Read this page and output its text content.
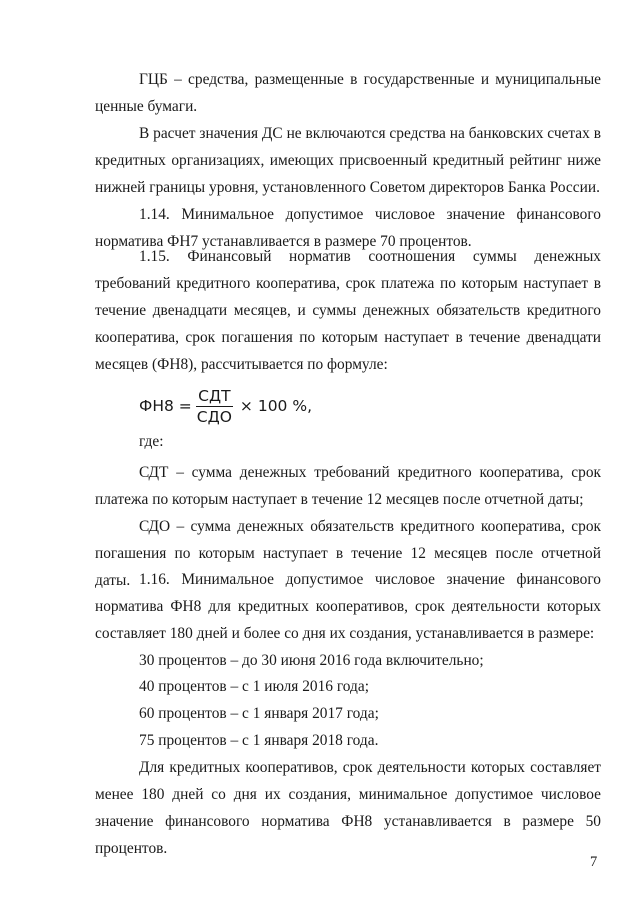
ГЦБ – средства, размещенные в государственные и муниципальные ценные бумаги.
В расчет значения ДС не включаются средства на банковских счетах в кредитных организациях, имеющих присвоенный кредитный рейтинг ниже нижней границы уровня, установленного Советом директоров Банка России.
1.14. Минимальное допустимое числовое значение финансового норматива ФН7 устанавливается в размере 70 процентов.
1.15. Финансовый норматив соотношения суммы денежных требований кредитного кооператива, срок платежа по которым наступает в течение двенадцати месяцев, и суммы денежных обязательств кредитного кооператива, срок погашения по которым наступает в течение двенадцати месяцев (ФН8), рассчитывается по формуле:
$ФН8 = \frac{\text{СДТ}}{\text{СДО}} \times 100$ %,
где:
СДТ – сумма денежных требований кредитного кооператива, срок платежа по которым наступает в течение 12 месяцев после отчетной даты;
СДО – сумма денежных обязательств кредитного кооператива, срок погашения по которым наступает в течение 12 месяцев после отчетной даты. 1.16. Минимальное допустимое числовое значение финансового норматива ФН8 для кредитных кооперативов, срок деятельности которых составляет 180 дней и более со дня их создания, устанавливается в размере:
30 процентов – до 30 июня 2016 года включительно;
40 процентов – с 1 июля 2016 года;
60 процентов – с 1 января 2017 года;
75 процентов – с 1 января 2018 года.
Для кредитных кооперативов, срок деятельности которых составляет менее 180 дней со дня их создания, минимальное допустимое числовое значение финансового норматива ФН8 устанавливается в размере 50 процентов.
7
